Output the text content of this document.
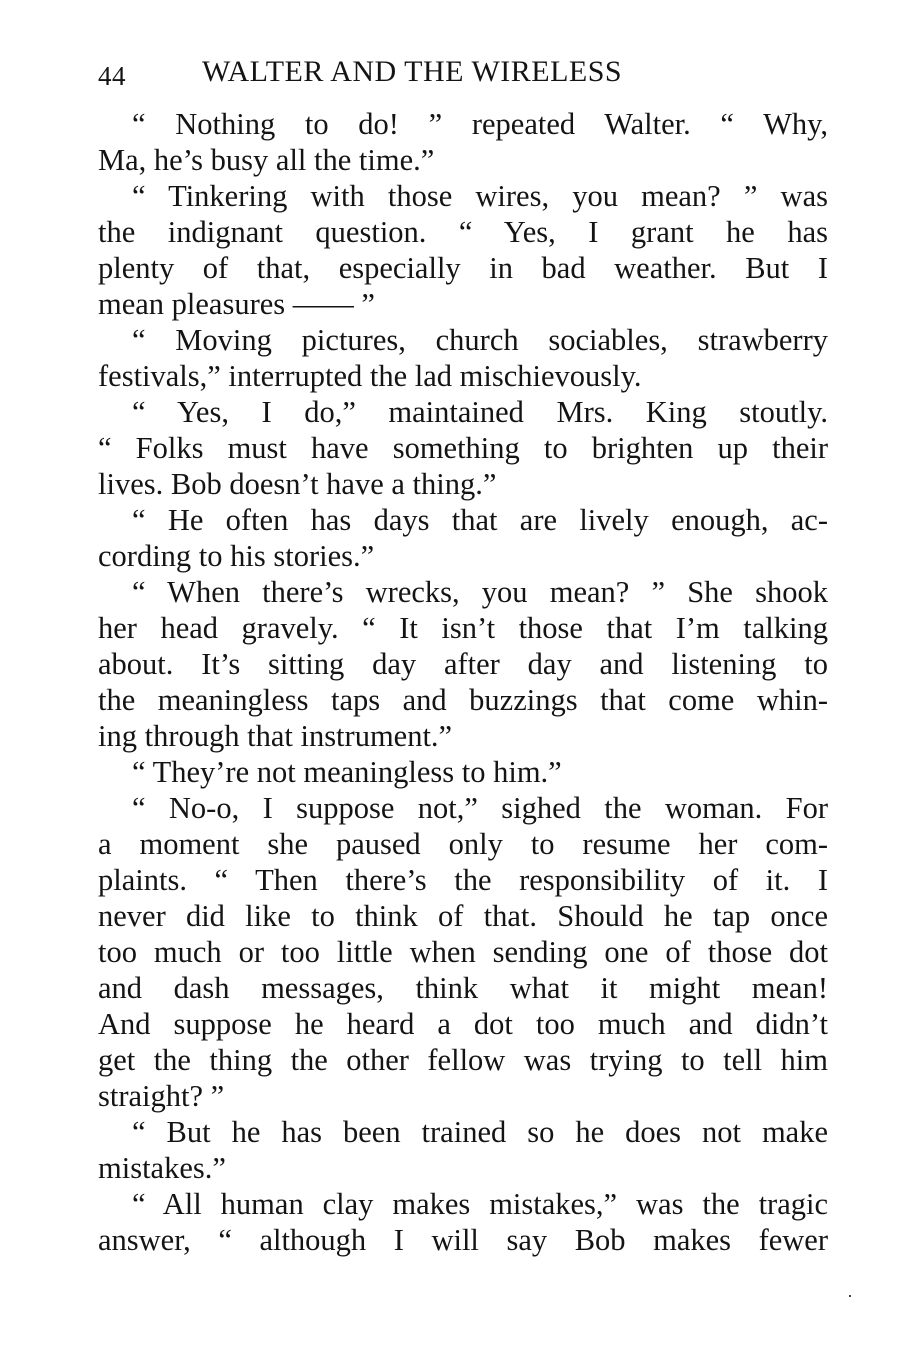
44	WALTER AND THE WIRELESS
“ Nothing to do! ” repeated Walter. “ Why,
Ma, he’s busy all the time.”
“ Tinkering with those wires, you mean? ” was
the indignant question. “ Yes, I grant he has
plenty of that, especially in bad weather. But I
mean pleasures —— ”
“ Moving pictures, church sociables, strawberry
festivals,” interrupted the lad mischievously.
“ Yes, I do,” maintained Mrs. King stoutly.
“ Folks must have something to brighten up their
lives. Bob doesn’t have a thing.”
“ He often has days that are lively enough, ac-
cording to his stories.”
“ When there’s wrecks, you mean? ” She shook
her head gravely. “ It isn’t those that I’m talking
about. It’s sitting day after day and listening to
the meaningless taps and buzzings that come whin-
ing through that instrument.”
“ They’re not meaningless to him.”
“ No-o, I suppose not,” sighed the woman. For
a moment she paused only to resume her com-
plaints. “ Then there’s the responsibility of it. I
never did like to think of that. Should he tap once
too much or too little when sending one of those dot
and dash messages, think what it might mean!
And suppose he heard a dot too much and didn’t
get the thing the other fellow was trying to tell him
straight? ”
“ But he has been trained so he does not make
mistakes.”
“ All human clay makes mistakes,” was the tragic
answer, “ although I will say Bob makes fewer
